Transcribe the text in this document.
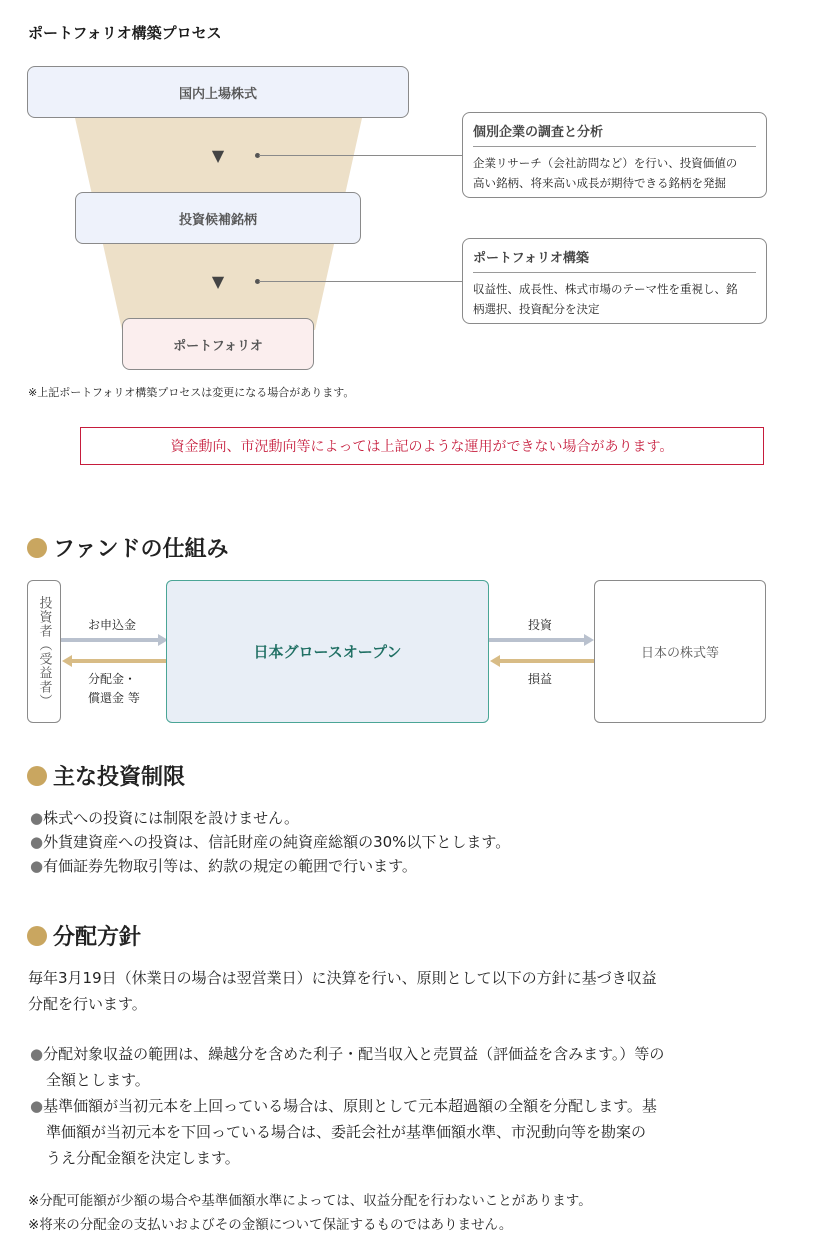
ポートフォリオ構築プロセス
国内上場株式
▼
投資候補銘柄
▼
ポートフォリオ
個別企業の調査と分析
企業リサーチ（会社訪問など）を行い、投資価値の
高い銘柄、将来高い成長が期待できる銘柄を発掘
ポートフォリオ構築
収益性、成長性、株式市場のテーマ性を重視し、銘
柄選択、投資配分を決定
※上記ポートフォリオ構築プロセスは変更になる場合があります。
資金動向、市況動向等によっては上記のような運用ができない場合があります。
ファンドの仕組み
投資者（受益者）	お申込金
分配金・
償還金 等
日本グロースオープン
投資
損益
日本の株式等
主な投資制限
●株式への投資には制限を設けません。
●外貨建資産への投資は、信託財産の純資産総額の30%以下とします。
●有価証券先物取引等は、約款の規定の範囲で行います。
分配方針
毎年3月19日（休業日の場合は翌営業日）に決算を行い、原則として以下の方針に基づき収益
分配を行います。
●分配対象収益の範囲は、繰越分を含めた利子・配当収入と売買益（評価益を含みます。）等の
全額とします。
●基準価額が当初元本を上回っている場合は、原則として元本超過額の全額を分配します。基
準価額が当初元本を下回っている場合は、委託会社が基準価額水準、市況動向等を勘案の
うえ分配金額を決定します。
※分配可能額が少額の場合や基準価額水準によっては、収益分配を行わないことがあります。
※将来の分配金の支払いおよびその金額について保証するものではありません。
